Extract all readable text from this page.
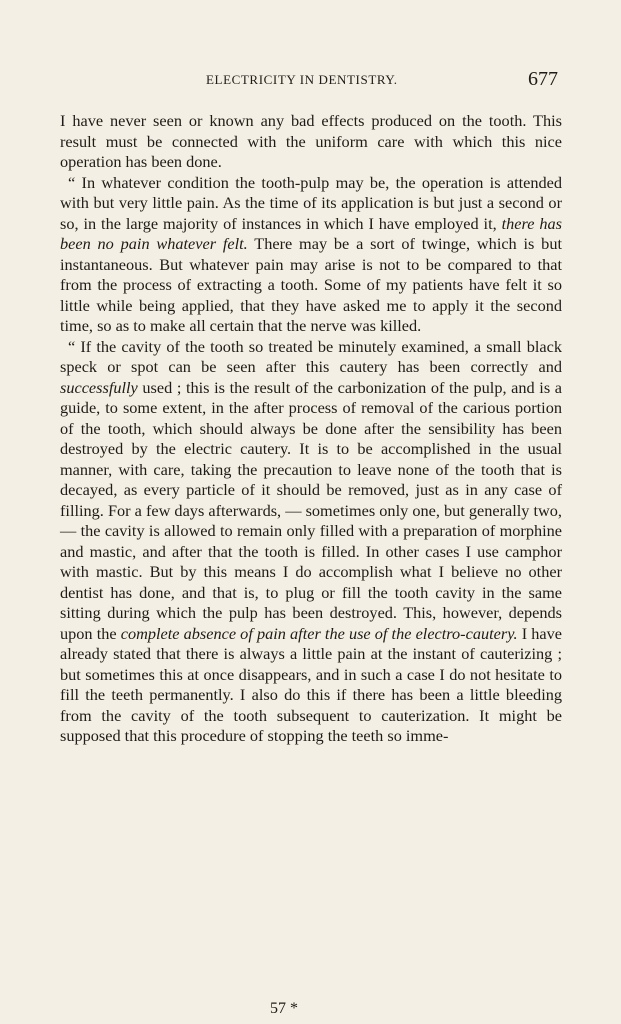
ELECTRICITY IN DENTISTRY.	677

I have never seen or known any bad effects produced on the tooth. This result must be connected with the uniform care with which this nice operation has been done.

“ In whatever condition the tooth-pulp may be, the operation is attended with but very little pain. As the time of its application is but just a second or so, in the large majority of instances in which I have employed it, there has been no pain whatever felt. There may be a sort of twinge, which is but instantaneous. But whatever pain may arise is not to be compared to that from the process of extracting a tooth. Some of my patients have felt it so little while being applied, that they have asked me to apply it the second time, so as to make all certain that the nerve was killed.

“ If the cavity of the tooth so treated be minutely examined, a small black speck or spot can be seen after this cautery has been correctly and successfully used ; this is the result of the carbonization of the pulp, and is a guide, to some extent, in the after process of removal of the carious portion of the tooth, which should always be done after the sensibility has been destroyed by the electric cautery. It is to be accomplished in the usual manner, with care, taking the precaution to leave none of the tooth that is decayed, as every particle of it should be removed, just as in any case of filling. For a few days afterwards, — sometimes only one, but generally two, — the cavity is allowed to remain only filled with a preparation of morphine and mastic, and after that the tooth is filled. In other cases I use camphor with mastic. But by this means I do accomplish what I believe no other dentist has done, and that is, to plug or fill the tooth cavity in the same sitting during which the pulp has been destroyed. This, however, depends upon the complete absence of pain after the use of the electro-cautery. I have already stated that there is always a little pain at the instant of cauterizing ; but sometimes this at once disappears, and in such a case I do not hesitate to fill the teeth permanently. I also do this if there has been a little bleeding from the cavity of the tooth subsequent to cauterization. It might be supposed that this procedure of stopping the teeth so imme-

57 *
